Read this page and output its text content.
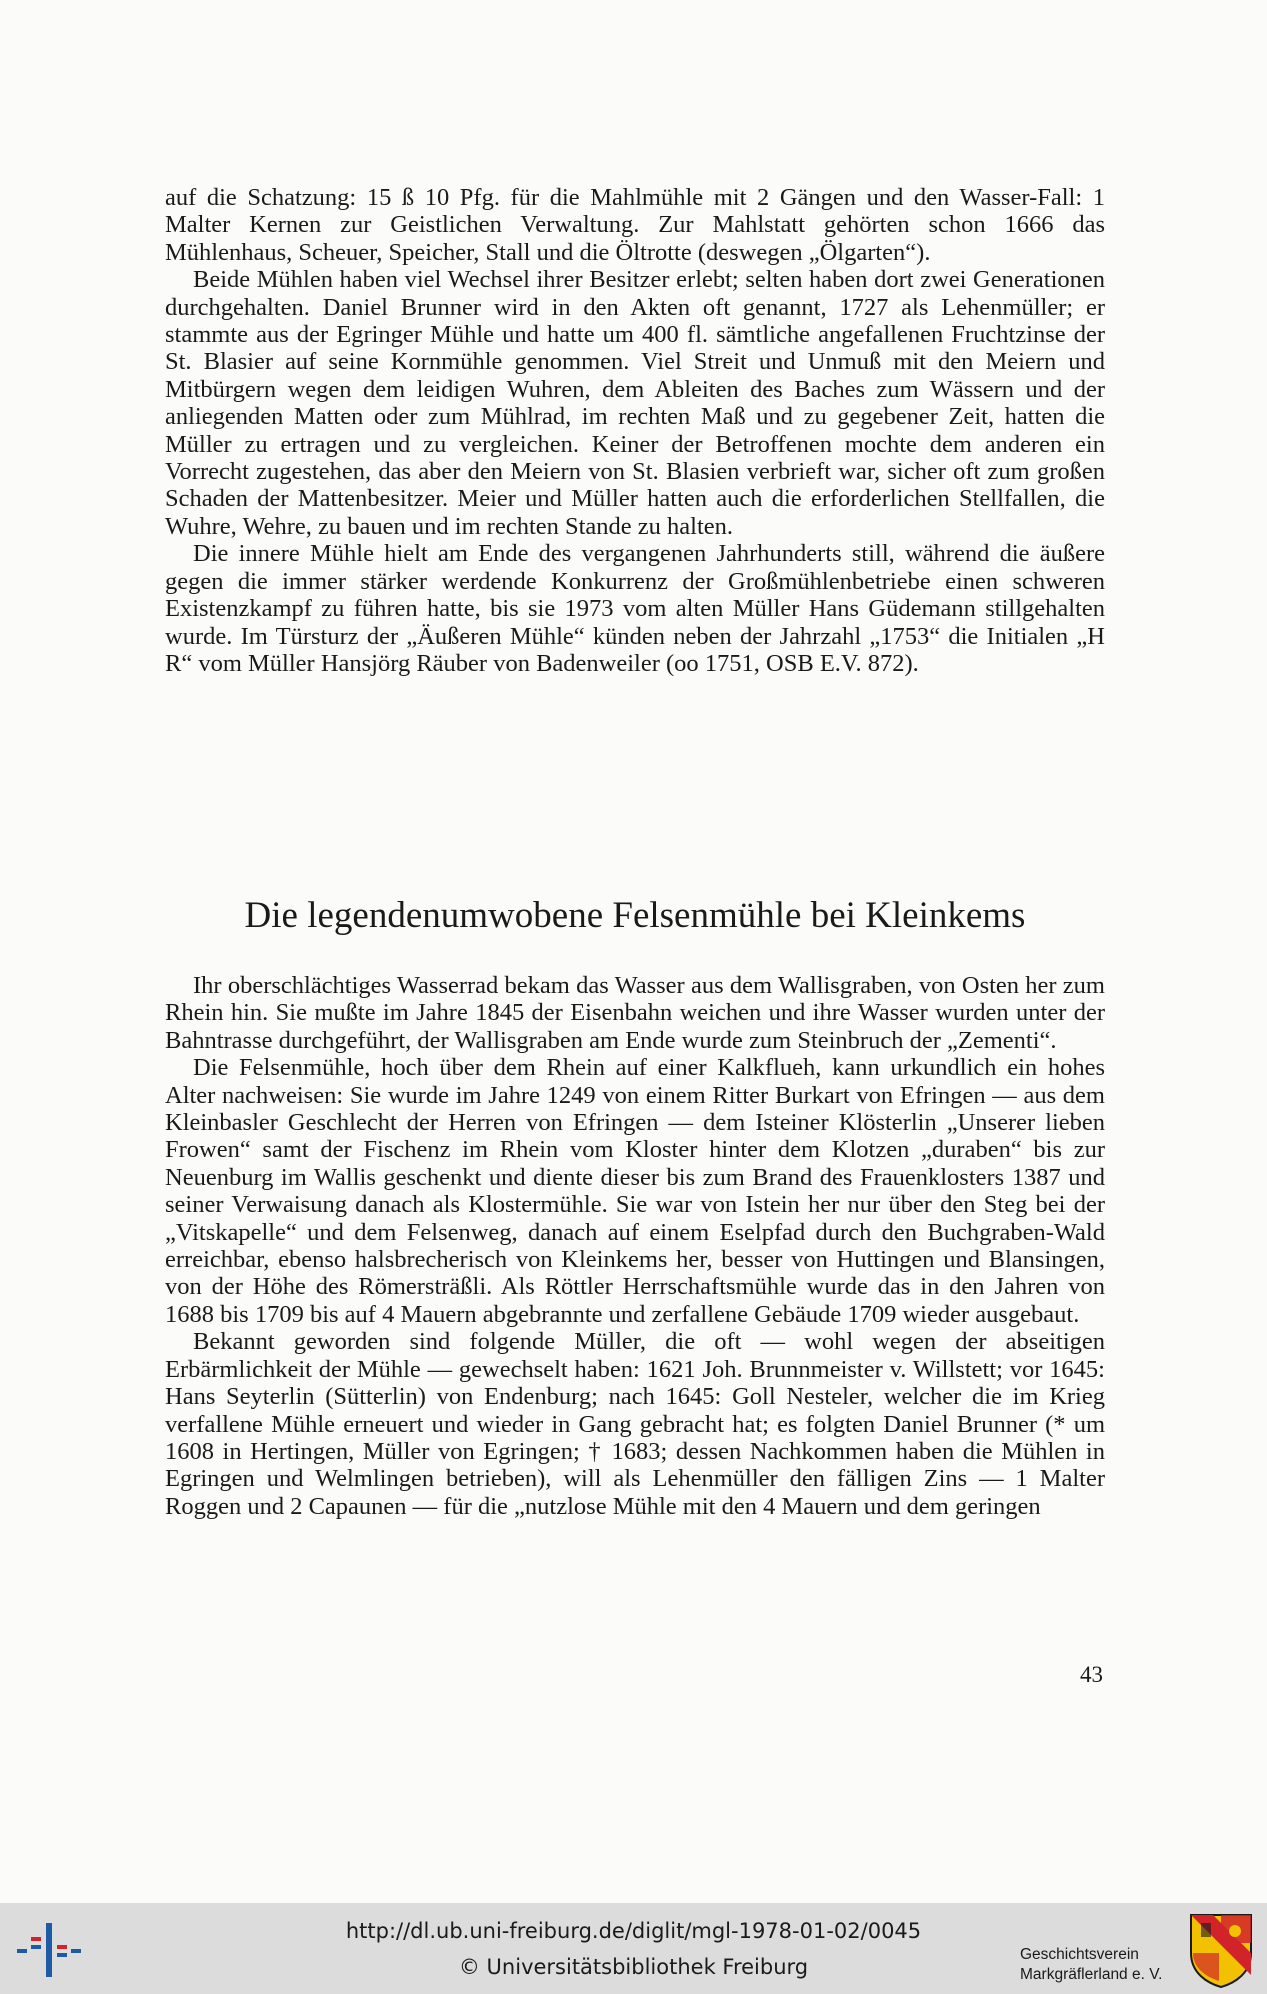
auf die Schatzung: 15 ß 10 Pfg. für die Mahlmühle mit 2 Gängen und den Wasser-Fall: 1 Malter Kernen zur Geistlichen Verwaltung. Zur Mahlstatt gehörten schon 1666 das Mühlenhaus, Scheuer, Speicher, Stall und die Öltrotte (deswegen „Ölgarten“).

Beide Mühlen haben viel Wechsel ihrer Besitzer erlebt; selten haben dort zwei Generationen durchgehalten. Daniel Brunner wird in den Akten oft genannt, 1727 als Lehenmüller; er stammte aus der Egringer Mühle und hatte um 400 fl. sämtliche angefallenen Fruchtzinse der St. Blasier auf seine Kornmühle genommen. Viel Streit und Unmuß mit den Meiern und Mitbürgern wegen dem leidigen Wuhren, dem Ableiten des Baches zum Wässern und der anliegenden Matten oder zum Mühlrad, im rechten Maß und zu gegebener Zeit, hatten die Müller zu ertragen und zu vergleichen. Keiner der Betroffenen mochte dem anderen ein Vorrecht zugestehen, das aber den Meiern von St. Blasien verbrieft war, sicher oft zum großen Schaden der Mattenbesitzer. Meier und Müller hatten auch die erforderlichen Stellfallen, die Wuhre, Wehre, zu bauen und im rechten Stande zu halten.

Die innere Mühle hielt am Ende des vergangenen Jahrhunderts still, während die äußere gegen die immer stärker werdende Konkurrenz der Großmühlenbetriebe einen schweren Existenzkampf zu führen hatte, bis sie 1973 vom alten Müller Hans Güdemann stillgehalten wurde. Im Türsturz der „Äußeren Mühle“ künden neben der Jahrzahl „1753“ die Initialen „H R“ vom Müller Hansjörg Räuber von Badenweiler (oo 1751, OSB E.V. 872).

Die legendenumwobene Felsenmühle bei Kleinkems

Ihr oberschlächtiges Wasserrad bekam das Wasser aus dem Wallisgraben, von Osten her zum Rhein hin. Sie mußte im Jahre 1845 der Eisenbahn weichen und ihre Wasser wurden unter der Bahntrasse durchgeführt, der Wallisgraben am Ende wurde zum Steinbruch der „Zementi“.

Die Felsenmühle, hoch über dem Rhein auf einer Kalkflueh, kann urkundlich ein hohes Alter nachweisen: Sie wurde im Jahre 1249 von einem Ritter Burkart von Efringen — aus dem Kleinbasler Geschlecht der Herren von Efringen — dem Isteiner Klösterlin „Unserer lieben Frowen“ samt der Fischenz im Rhein vom Kloster hinter dem Klotzen „duraben“ bis zur Neuenburg im Wallis geschenkt und diente dieser bis zum Brand des Frauenklosters 1387 und seiner Verwaisung danach als Klostermühle. Sie war von Istein her nur über den Steg bei der „Vitskapelle“ und dem Felsenweg, danach auf einem Eselpfad durch den Buchgraben-Wald erreichbar, ebenso halsbrecherisch von Kleinkems her, besser von Huttingen und Blansingen, von der Höhe des Römersträßli. Als Röttler Herrschaftsmühle wurde das in den Jahren von 1688 bis 1709 bis auf 4 Mauern abgebrannte und zerfallene Gebäude 1709 wieder ausgebaut.

Bekannt geworden sind folgende Müller, die oft — wohl wegen der abseitigen Erbärmlichkeit der Mühle — gewechselt haben: 1621 Joh. Brunnmeister v. Willstett; vor 1645: Hans Seyterlin (Sütterlin) von Endenburg; nach 1645: Goll Nesteler, welcher die im Krieg verfallene Mühle erneuert und wieder in Gang gebracht hat; es folgten Daniel Brunner (* um 1608 in Hertingen, Müller von Egringen; † 1683; dessen Nachkommen haben die Mühlen in Egringen und Welmlingen betrieben), will als Lehenmüller den fälligen Zins — 1 Malter Roggen und 2 Capaunen — für die „nutzlose Mühle mit den 4 Mauern und dem geringen

43
http://dl.ub.uni-freiburg.de/diglit/mgl-1978-01-02/0045
© Universitätsbibliothek Freiburg
Geschichtsverein
Markgräflerland e. V.
